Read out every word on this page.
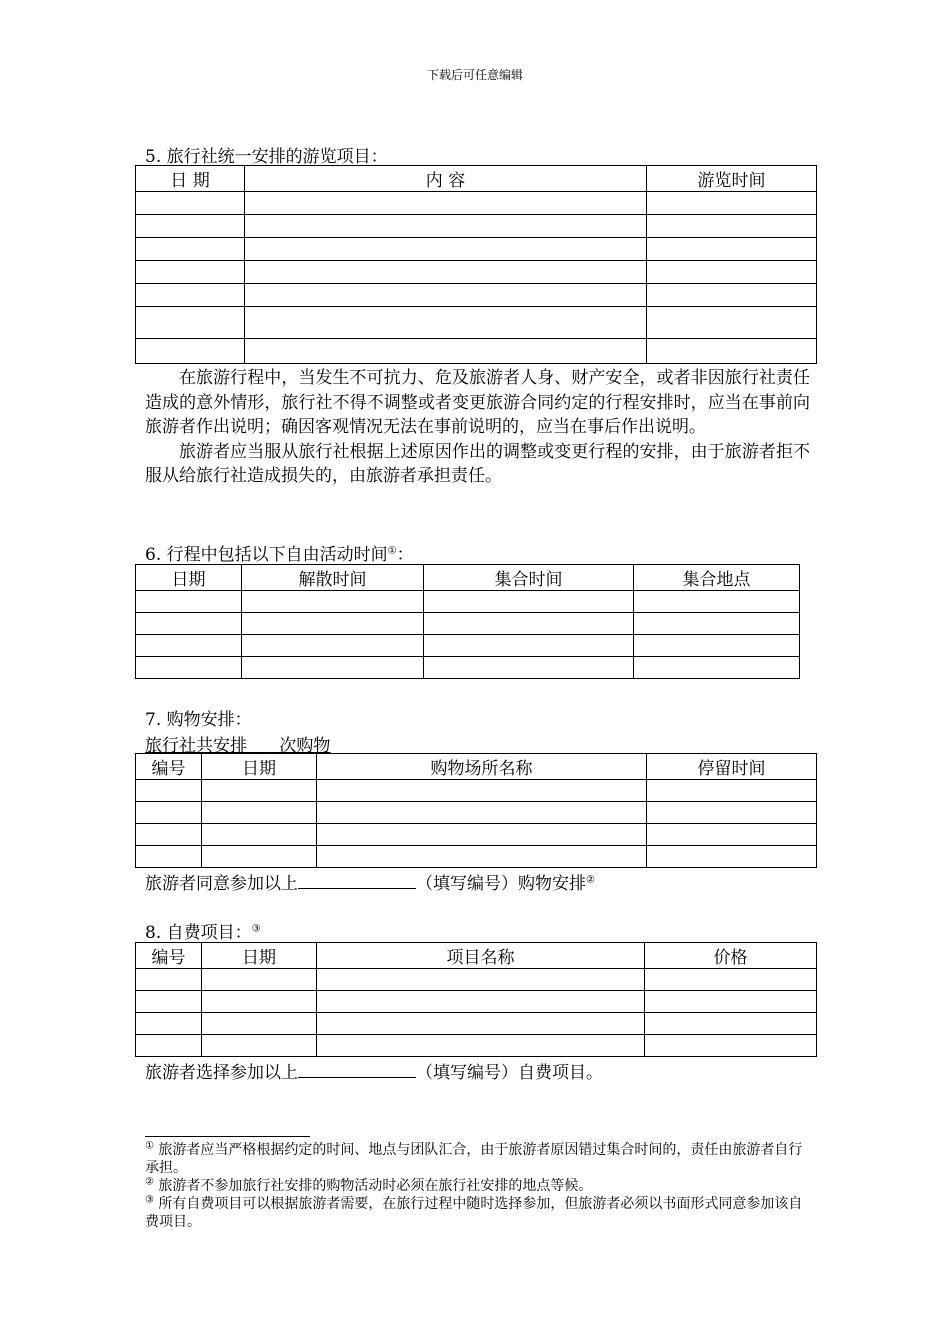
下载后可任意编辑
5. 旅行社统一安排的游览项目：
日 期	内 容	游览时间

在旅游行程中，当发生不可抗力、危及旅游者人身、财产安全，或者非因旅行社责任造成的意外情形，旅行社不得不调整或者变更旅游合同约定的行程安排时，应当在事前向旅游者作出说明；确因客观情况无法在事前说明的，应当在事后作出说明。

旅游者应当服从旅行社根据上述原因作出的调整或变更行程的安排，由于旅游者拒不服从给旅行社造成损失的，由旅游者承担责任。

6. 行程中包括以下自由活动时间①：
日期	解散时间	集合时间	集合地点

7. 购物安排：
旅行社共安排      次购物
编号	日期	购物场所名称	停留时间

旅游者同意参加以上	（填写编号）购物安排②
8. 自费项目：③
编号	日期	项目名称	价格

旅游者选择参加以上	（填写编号）自费项目。
① 旅游者应当严格根据约定的时间、地点与团队汇合，由于旅游者原因错过集合时间的，责任由旅游者自行承担。
② 旅游者不参加旅行社安排的购物活动时必须在旅行社安排的地点等候。
③ 所有自费项目可以根据旅游者需要，在旅行过程中随时选择参加，但旅游者必须以书面形式同意参加该自费项目。
